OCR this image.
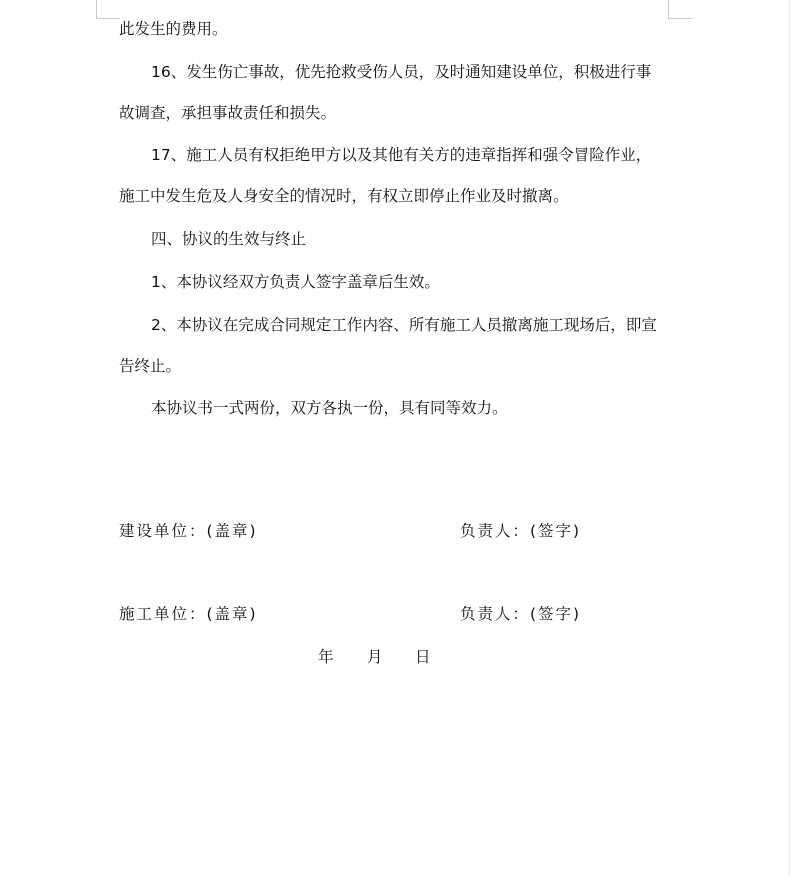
此发生的费用。

16、发生伤亡事故，优先抢救受伤人员，及时通知建设单位，积极进行事

故调查，承担事故责任和损失。

17、施工人员有权拒绝甲方以及其他有关方的违章指挥和强令冒险作业，

施工中发生危及人身安全的情况时，有权立即停止作业及时撤离。

四、协议的生效与终止

1、本协议经双方负责人签字盖章后生效。

2、本协议在完成合同规定工作内容、所有施工人员撤离施工现场后，即宣

告终止。

本协议书一式两份，双方各执一份，具有同等效力。

建设单位：(盖章)	负责人：(签字)
施工单位：(盖章)	负责人：(签字)
年 月 日
